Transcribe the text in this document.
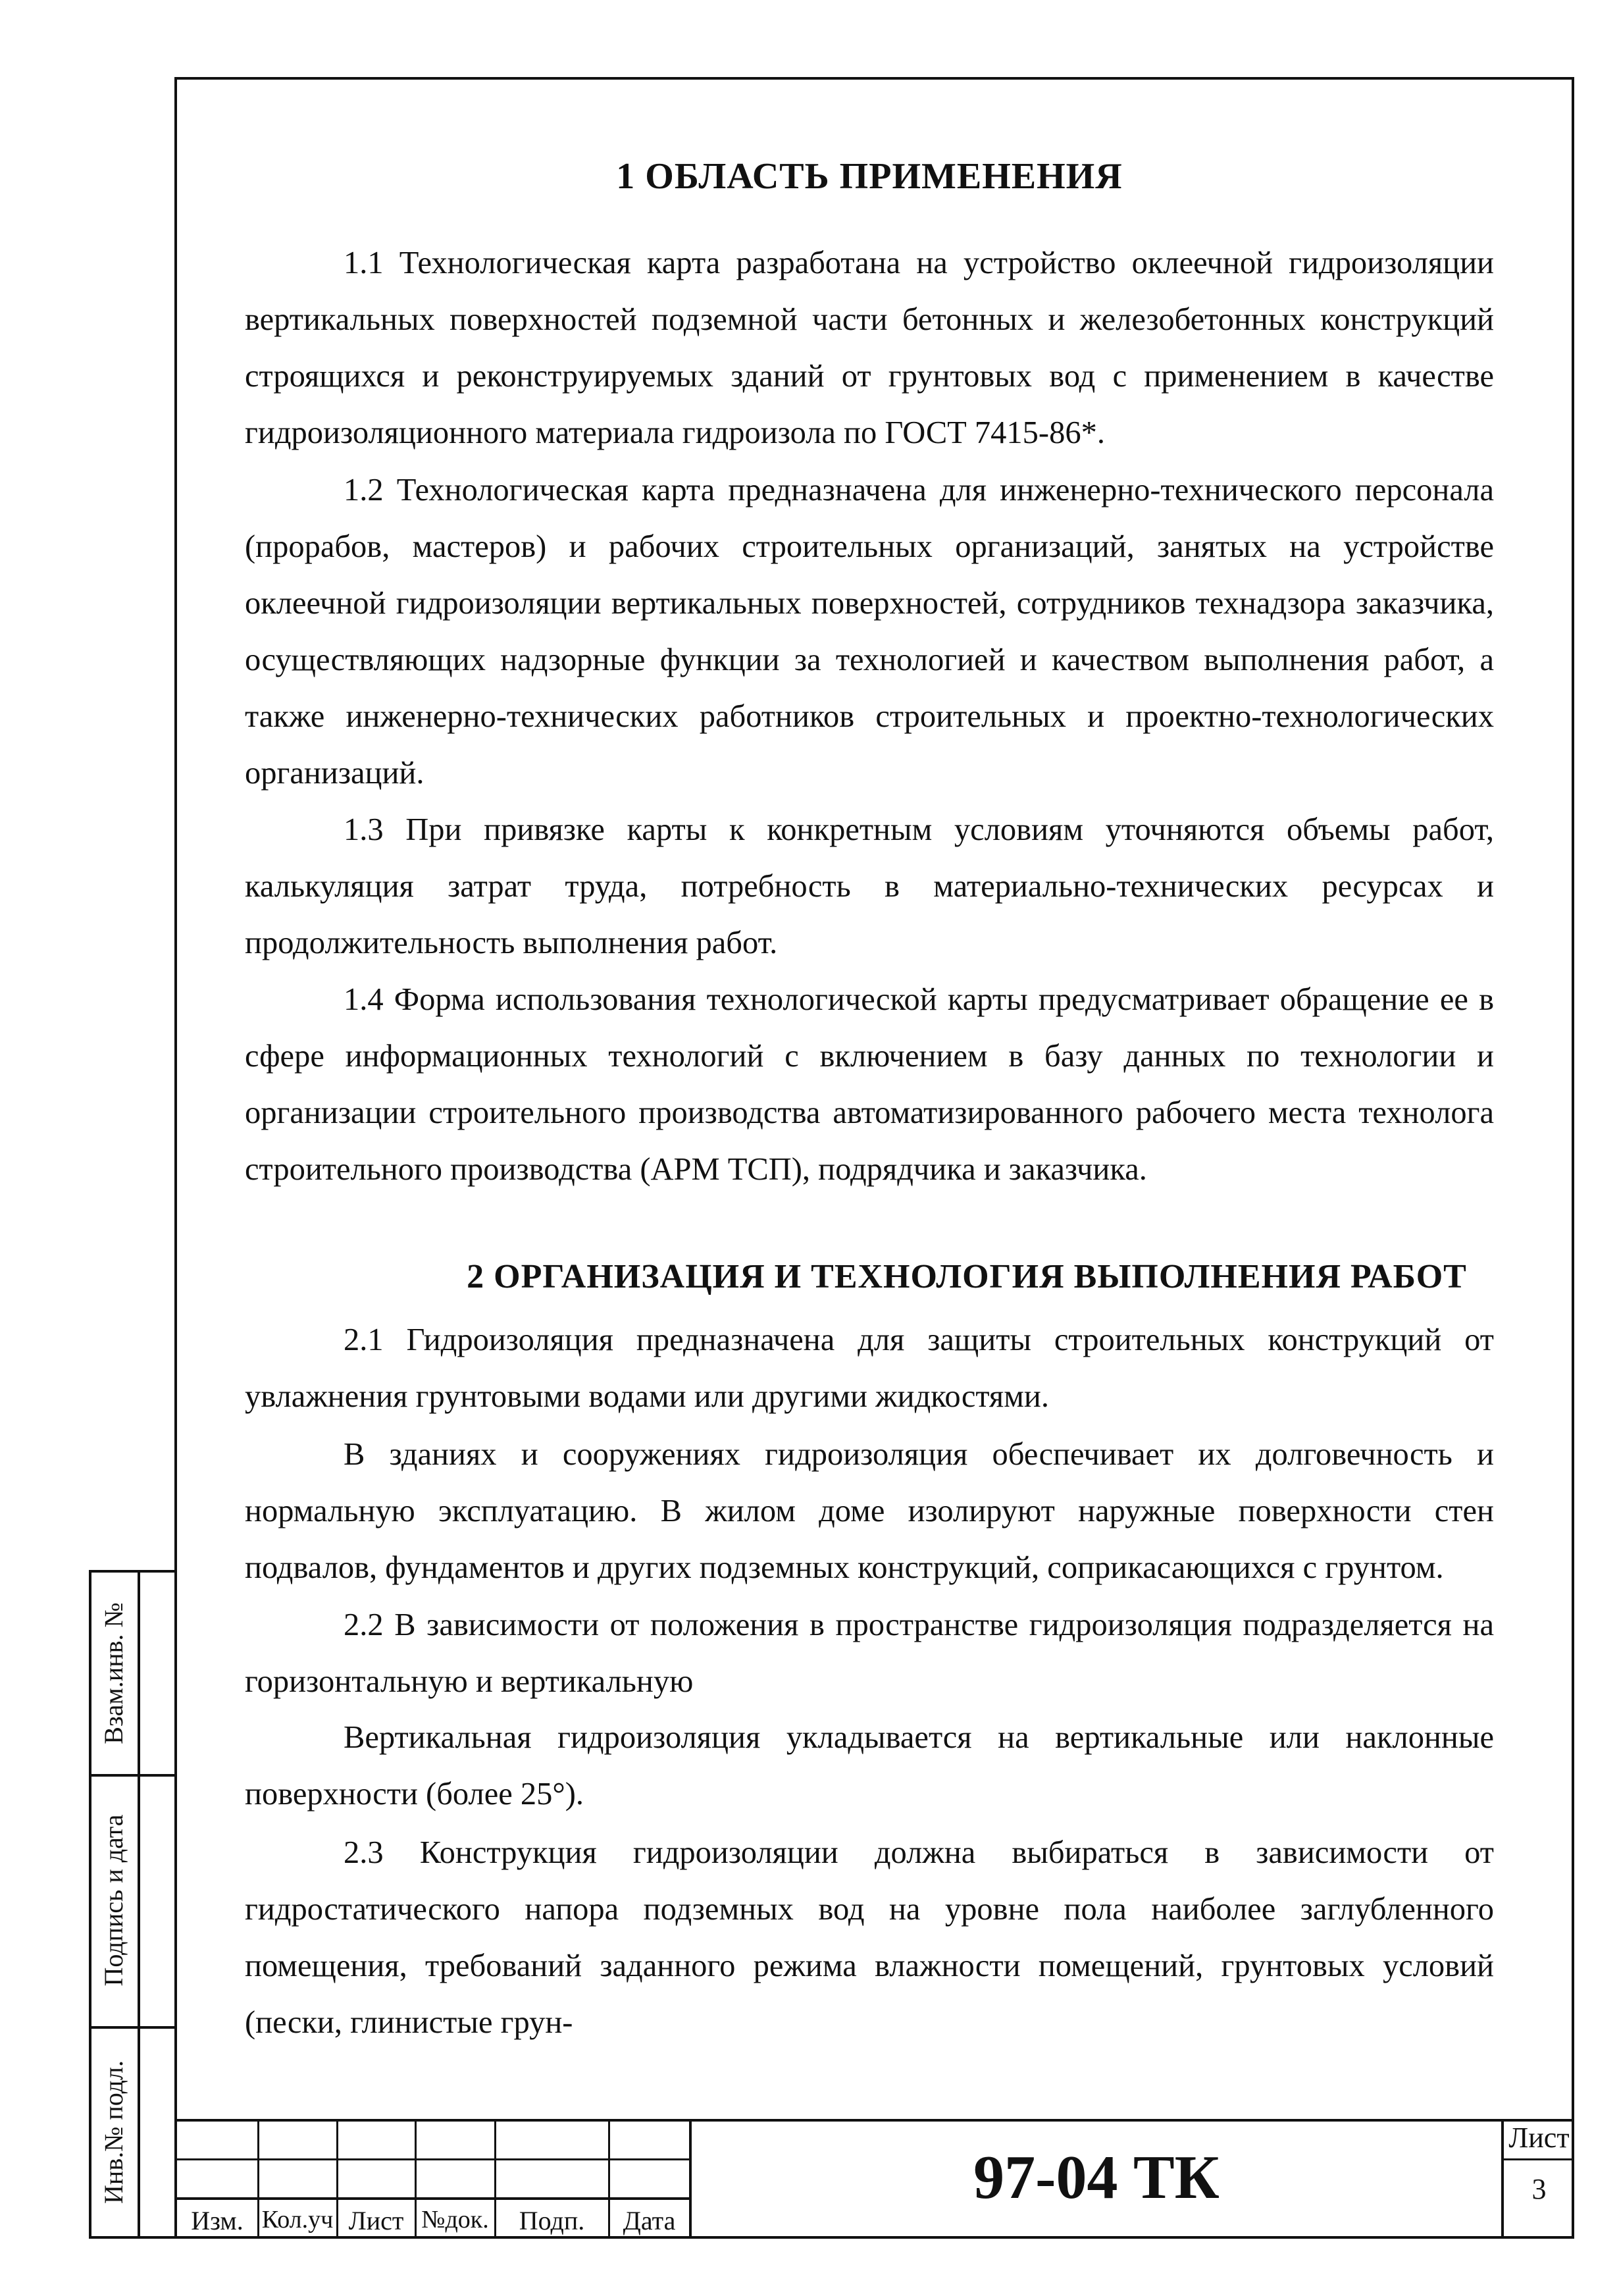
1 ОБЛАСТЬ ПРИМЕНЕНИЯ

1.1 Технологическая карта разработана на устройство оклеечной гидроизоляции вертикальных поверхностей подземной части бетонных и железобетонных конструкций строящихся и реконструируемых зданий от грунтовых вод с применением в качестве гидроизоляционного материала гидроизола по ГОСТ 7415-86*.

1.2 Технологическая карта предназначена для инженерно-технического персонала (прорабов, мастеров) и рабочих строительных организаций, занятых на устройстве оклеечной гидроизоляции вертикальных поверхностей, сотрудников технадзора заказчика, осуществляющих надзорные функции за технологией и качеством выполнения работ, а также инженерно-технических работников строительных и проектно-технологических организаций.

1.3 При привязке карты к конкретным условиям уточняются объемы работ, калькуляция затрат труда, потребность в материально-технических ресурсах и продолжительность выполнения работ.

1.4 Форма использования технологической карты предусматривает обращение ее в сфере информационных технологий с включением в базу данных по технологии и организации строительного производства автоматизированного рабочего места технолога строительного производства (АРМ ТСП), подрядчика и заказчика.

2 ОРГАНИЗАЦИЯ И ТЕХНОЛОГИЯ ВЫПОЛНЕНИЯ РАБОТ

2.1 Гидроизоляция предназначена для защиты строительных конструкций от увлажнения грунтовыми водами или другими жидкостями.

В зданиях и сооружениях гидроизоляция обеспечивает их долговечность и нормальную эксплуатацию. В жилом доме изолируют наружные поверхности стен подвалов, фундаментов и других подземных конструкций, соприкасающихся с грунтом.

2.2 В зависимости от положения в пространстве гидроизоляция подразделяется на горизонтальную и вертикальную

Вертикальная гидроизоляция укладывается на вертикальные или наклонные поверхности (более 25°).

2.3 Конструкция гидроизоляции должна выбираться в зависимости от гидростатического напора подземных вод на уровне пола наиболее заглубленного помещения, требований заданного режима влажности помещений, грунтовых условий (пески, глинистые грун-

Взам.инв. №
Подпись и дата
Инв.№ подл.
Изм. Кол.уч Лист №док.	Подп.	Дата
97-04 ТК
Лист
3
